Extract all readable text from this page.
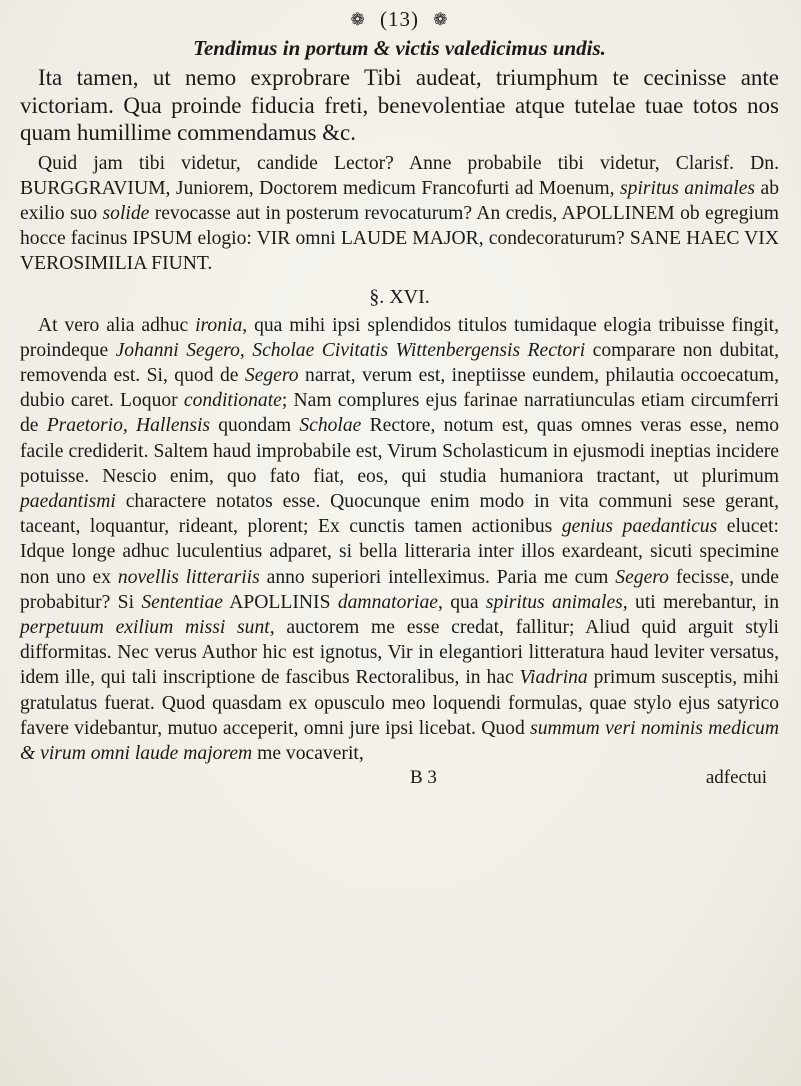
❁ (13) ❁
Tendimus in portum & victis valedicimus undis.

Ita tamen, ut nemo exprobrare Tibi audeat, triumphum te cecinisse ante victoriam. Qua proinde fiducia freti, benevolentiae atque tutelae tuae totos nos quam humillime commendamus &c.

Quid jam tibi videtur, candide Lector? Anne probabile tibi videtur, Clarisf. Dn. BURGGRAVIUM, Juniorem, Doctorem medicum Francofurti ad Moenum, spiritus animales ab exilio suo solide revocasse aut in posterum revocaturum? An credis, APOLLINEM ob egregium hocce facinus IPSUM elogio: VIR omni LAUDE MAJOR, condecoraturum? SANE HAEC VIX VEROSIMILIA FIUNT.

§. XVI.

At vero alia adhuc ironia, qua mihi ipsi splendidos titulos tumidaque elogia tribuisse fingit, proindeque Johanni Segero, Scholae Civitatis Wittenbergensis Rectori comparare non dubitat, removenda est. Si, quod de Segero narrat, verum est, ineptiisse eundem, philautia occoecatum, dubio caret. Loquor conditionate; Nam complures ejus farinae narratiunculas etiam circumferri de Praetorio, Hallensis quondam Scholae Rectore, notum est, quas omnes veras esse, nemo facile crediderit. Saltem haud improbabile est, Virum Scholasticum in ejusmodi ineptias incidere potuisse. Nescio enim, quo fato fiat, eos, qui studia humaniora tractant, ut plurimum paedantismi charactere notatos esse. Quocunque enim modo in vita communi sese gerant, taceant, loquantur, rideant, plorent; Ex cunctis tamen actionibus genius paedanticus elucet: Idque longe adhuc luculentius adparet, si bella litteraria inter illos exardeant, sicuti specimine non uno ex novellis litterariis anno superiori intelleximus. Paria me cum Segero fecisse, unde probabitur? Si Sententiae APOLLINIS damnatoriae, qua spiritus animales, uti merebantur, in perpetuum exilium missi sunt, auctorem me esse credat, fallitur; Aliud quid arguit styli difformitas. Nec verus Author hic est ignotus, Vir in elegantiori litteratura haud leviter versatus, idem ille, qui tali inscriptione de fascibus Rectoralibus, in hac Viadrina primum susceptis, mihi gratulatus fuerat. Quod quasdam ex opusculo meo loquendi formulas, quae stylo ejus satyrico favere videbantur, mutuo acceperit, omni jure ipsi licebat. Quod summum veri nominis medicum & virum omni laude majorem me vocaverit,

B 3	adfectui
